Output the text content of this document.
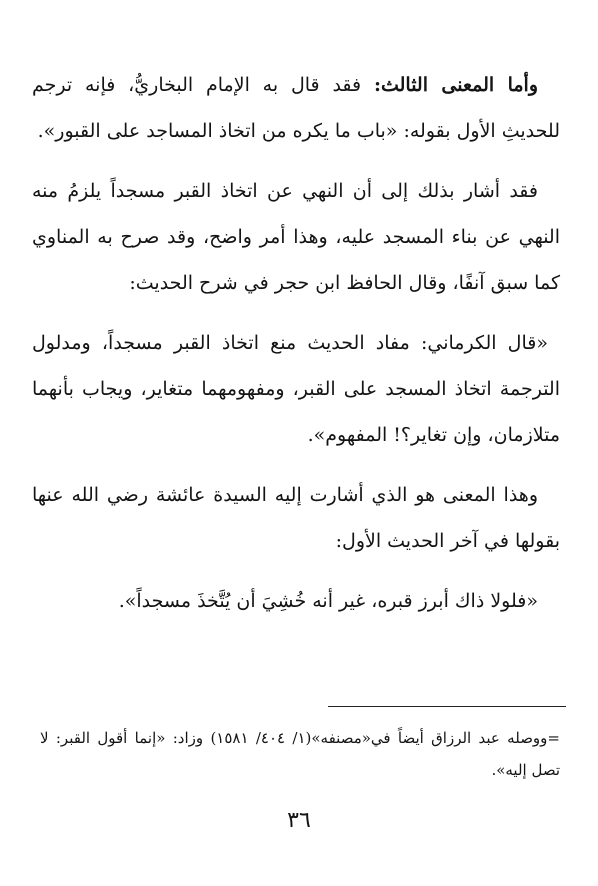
وأما المعنى الثالث: فقد قال به الإمام البخاريُّ، فإنه ترجم للحديثِ الأول بقوله: «باب ما يكره من اتخاذ المساجد على القبور».

فقد أشار بذلك إلى أن النهي عن اتخاذ القبر مسجداً يلزمُ منه النهي عن بناء المسجد عليه، وهذا أمر واضح، وقد صرح به المناوي كما سبق آنفًا، وقال الحافظ ابن حجر في شرح الحديث:

«قال الكرماني: مفاد الحديث منع اتخاذ القبر مسجداً، ومدلول الترجمة اتخاذ المسجد على القبر، ومفهومهما متغاير، ويجاب بأنهما متلازمان، وإن تغاير؟! المفهوم».

وهذا المعنى هو الذي أشارت إليه السيدة عائشة رضي الله عنها بقولها في آخر الحديث الأول:

«فلولا ذاك أبرز قبره، غير أنه خُشِيَ أن يُتَّخذَ مسجداً».

=ووصله عبد الرزاق أيضاً في«مصنفه»(١/ ٤٠٤/ ١٥٨١) وزاد: «إنما أقول القبر: لا تصل إليه».
٣٦
